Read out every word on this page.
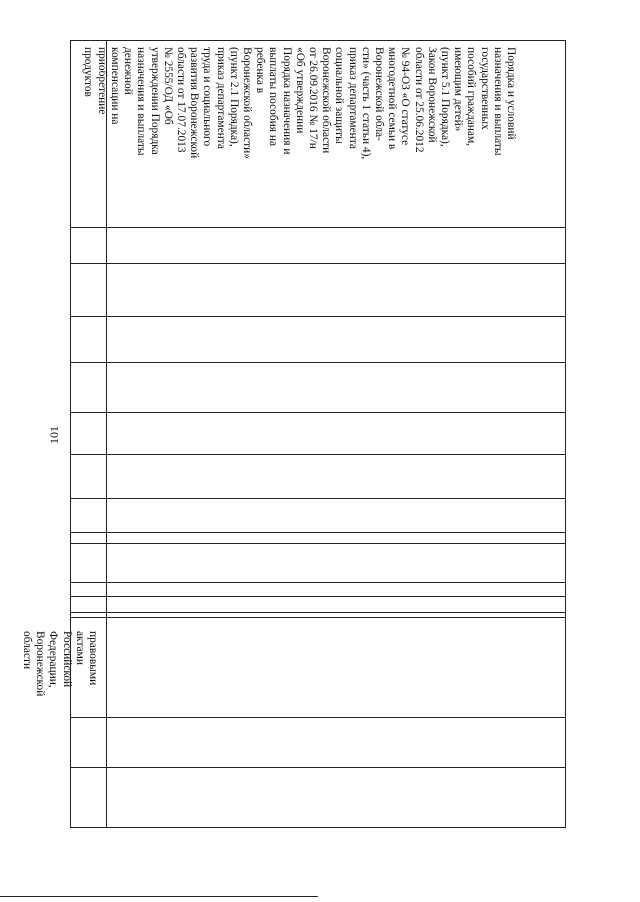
101
Порядка и условий
назначения и выплаты
государственных
пособий гражданам,
имеющим детей»
(пункт 5.1 Порядка),
Закон Воронежской
области от 25.06.2012
№ 94-ОЗ «О статусе
многодетной семьи в
Воронежской обла-
сти» (часть 1 статьи 4),
приказ департамента
социальной защиты
Воронежской области
от 26.09.2016 № 17/н
«Об утверждении
Порядка назначения и
выплаты пособия на
ребенка в
Воронежской области»
(пункт 2.1 Порядка),
приказ департамента
труда и социального
развития Воронежской
области от 17.07.2013
№ 2555/ОД «Об
утверждении Порядка
назначения и выплаты
денежной
компенсации на
приобретение
продуктов
правовыми
актами
Российской
Федерации,
Воронежской
области
